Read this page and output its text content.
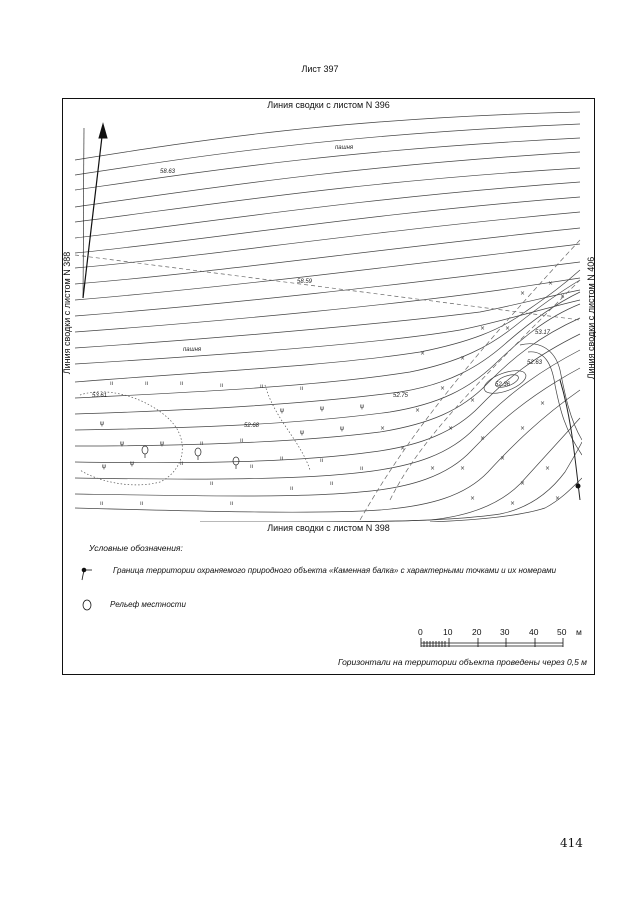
Лист 397
ıı	ıı	ıı	ıı	ıı	ıı
ψ
ψ	ψ
ψ	ψ
ψ	ψ	ψ
ψ
ψ
ıı	ıı
ıı
ıı	ıı
ıı	ıı
ıı	ıı	ıı
ıı
ıı
ıı
×
×
×
×
×
×
×
×
×
×
×
×
×
×
×
×	×
×
×
×
×
×
×
×
пашня
пашня
58.63
58.59
53.17
52.63
53.61	52.75
52.68
52.36
Линия сводки с листом N 396
Линия сводки с листом N 398
Линия сводки с листом N 388	Линия сводки с листом N 406
Условные обозначения:
Граница территории охраняемого природного объекта «Каменная балка» с характерными точками и их номерами
Рельеф местности
0 10 20 30 40 50 м
Горизонтали на территории объекта проведены через 0,5 м
414
